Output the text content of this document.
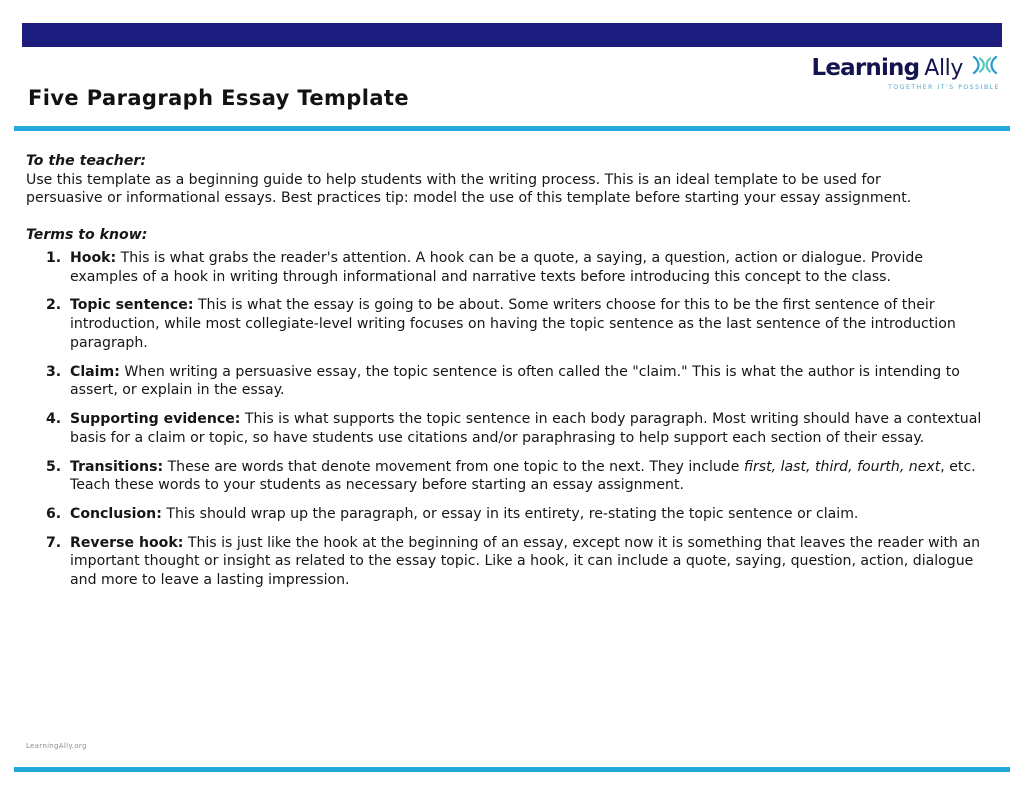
Learning Ally
TOGETHER IT'S POSSIBLE
Five Paragraph Essay Template
To the teacher:

Use this template as a beginning guide to help students with the writing process. This is an ideal template to be used for persuasive or informational essays. Best practices tip: model the use of this template before starting your essay assignment.

Terms to know:
1. Hook: This is what grabs the reader's attention. A hook can be a quote, a saying, a question, action or dialogue. Provide examples of a hook in writing through informational and narrative texts before introducing this concept to the class.
2. Topic sentence: This is what the essay is going to be about. Some writers choose for this to be the first sentence of their introduction, while most collegiate-level writing focuses on having the topic sentence as the last sentence of the introduction paragraph.
3. Claim: When writing a persuasive essay, the topic sentence is often called the "claim." This is what the author is intending to assert, or explain in the essay.
4. Supporting evidence: This is what supports the topic sentence in each body paragraph. Most writing should have a contextual basis for a claim or topic, so have students use citations and/or paraphrasing to help support each section of their essay.
5. Transitions: These are words that denote movement from one topic to the next. They include first, last, third, fourth, next, etc. Teach these words to your students as necessary before starting an essay assignment.
6. Conclusion: This should wrap up the paragraph, or essay in its entirety, re-stating the topic sentence or claim.
7. Reverse hook: This is just like the hook at the beginning of an essay, except now it is something that leaves the reader with an important thought or insight as related to the essay topic. Like a hook, it can include a quote, saying, question, action, dialogue and more to leave a lasting impression.
LearningAlly.org
